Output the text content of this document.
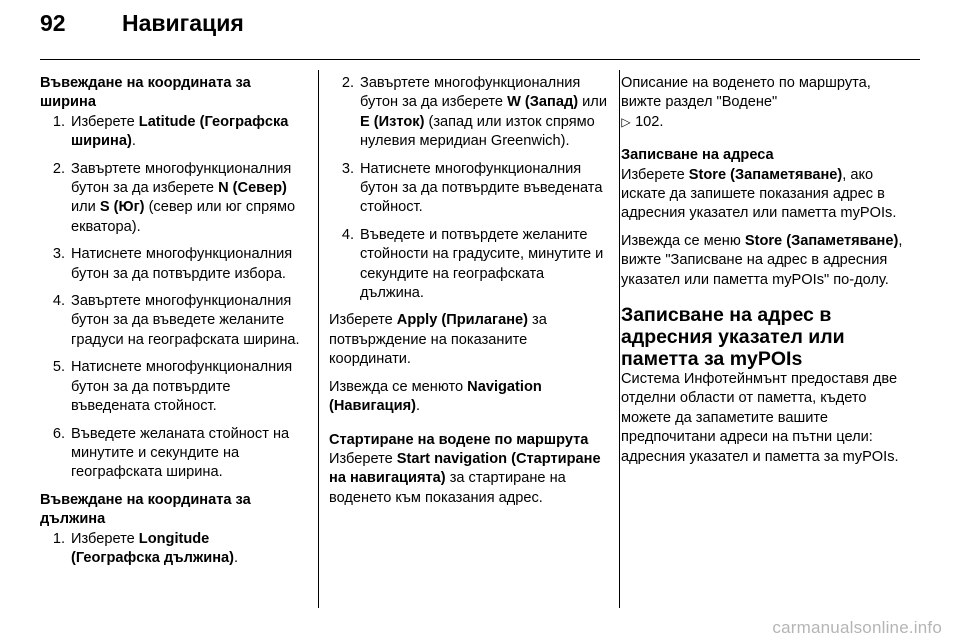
92	Навигация
Въвеждане на координата за ширина
1. Изберете Latitude (Географска ширина).
2. Завъртете многофункционалния бутон за да изберете N (Север) или S (Юг) (север или юг спрямо екватора).
3. Натиснете многофункционалния бутон за да потвърдите избора.
4. Завъртете многофункционалния бутон за да въведете желаните градуси на географската ширина.
5. Натиснете многофункционалния бутон за да потвърдите въведената стойност.
6. Въведете желаната стойност на минутите и секундите на географската ширина.
Въвеждане на координата за дължина
1. Изберете Longitude (Географска дължина).
2. Завъртете многофункционалния бутон за да изберете W (Запад) или E (Изток) (запад или изток спрямо нулевия меридиан Greenwich).
3. Натиснете многофункционалния бутон за да потвърдите въведената стойност.
4. Въведете и потвърдете желаните стойности на градусите, минутите и секундите на географската дължина.

Изберете Apply (Прилагане) за потвърждение на показаните координати.

Извежда се менюто Navigation (Навигация).

Стартиране на водене по маршрута

Изберете Start navigation (Стартиране на навигацията) за стартиране на воденето към показания адрес.

Описание на воденето по маршрута, вижте раздел "Водене"
▷ 102.

Записване на адреса

Изберете Store (Запаметяване), ако искате да запишете показания адрес в адресния указател или паметта myPOIs.

Извежда се меню Store (Запаметяване), вижте "Записване на адрес в адресния указател или паметта myPOIs" по-долу.

Записване на адрес в адресния указател или паметта за myPOIs

Система Инфотейнмънт предоставя две отделни области от паметта, където можете да запаметите вашите предпочитани адреси на пътни цели: адресния указател и паметта за myPOIs.

carmanualsonline.info
